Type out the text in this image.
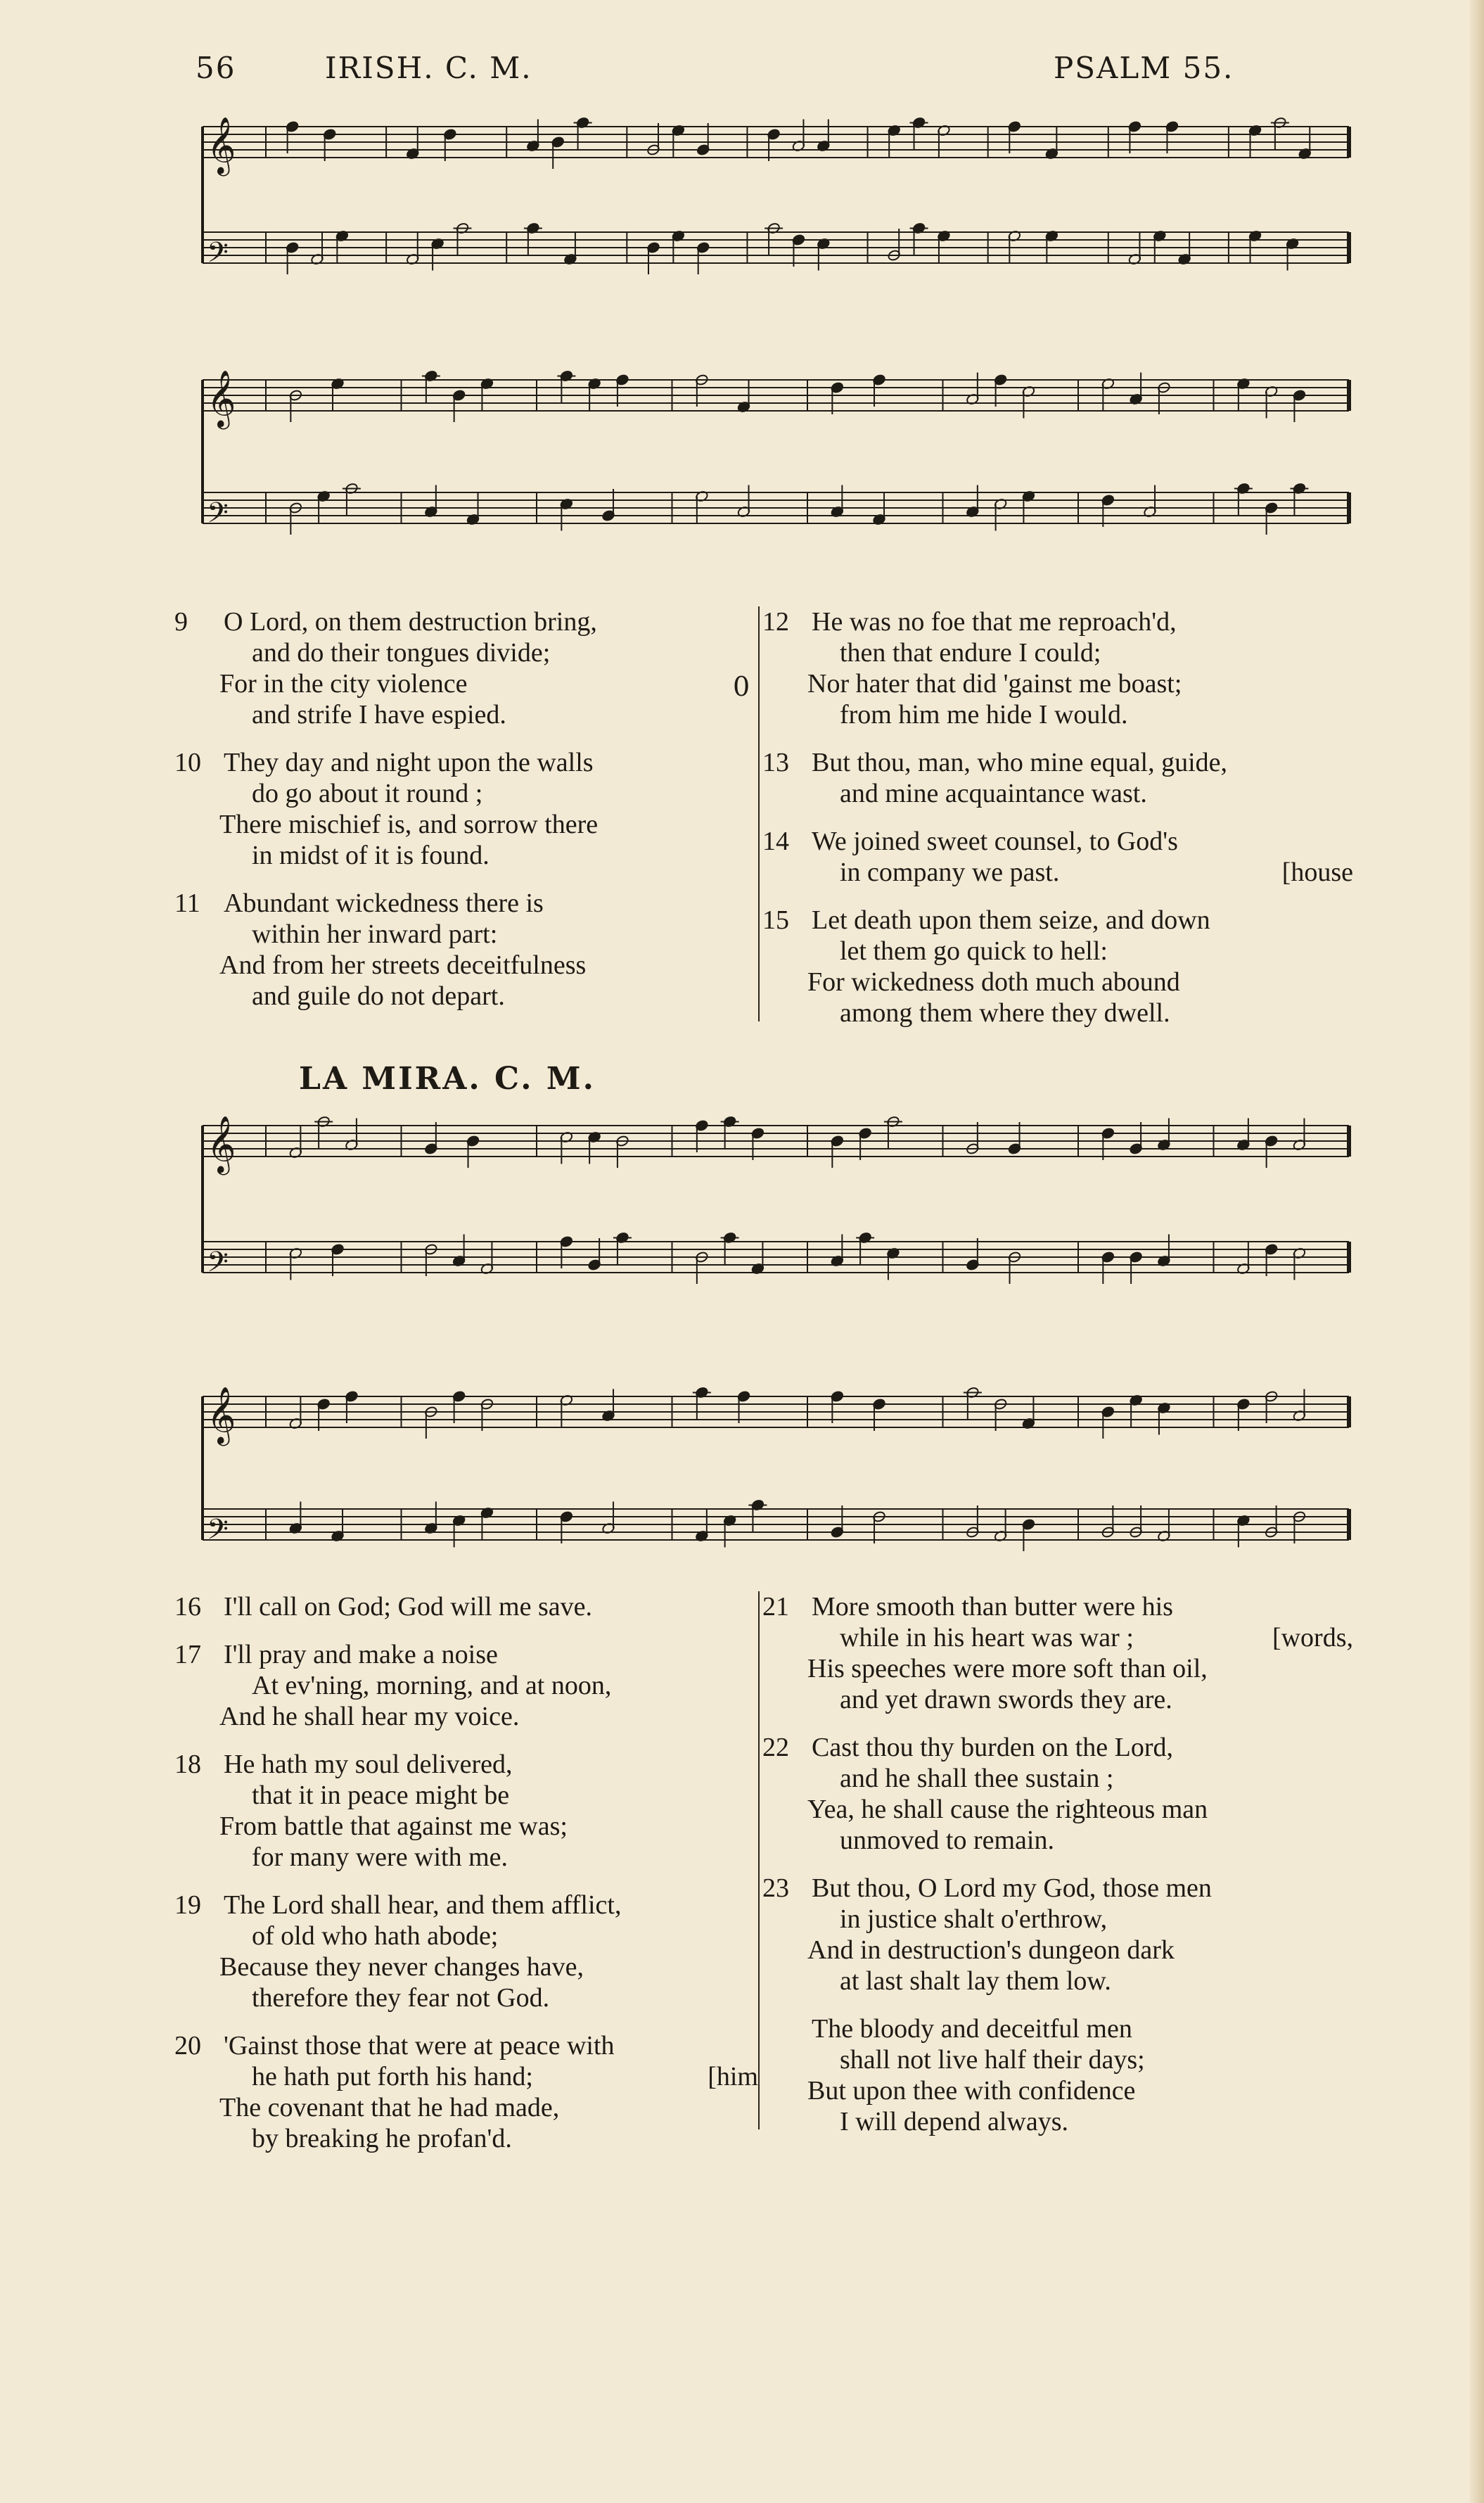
56	IRISH. C. M.	PSALM 55.
𝄞
𝄢
𝄞
𝄢
O Lord, on them destruction bring,
9
and do their tongues divide;
For in the city violence
and strife I have espied.
They day and night upon the walls
10
do go about it round ;
There mischief is, and sorrow there
in midst of it is found.
Abundant wickedness there is
11
within her inward part:
And from her streets deceitfulness
and guile do not depart.
0
He was no foe that me reproach'd,
12
then that endure I could;
Nor hater that did 'gainst me boast;
from him me hide I would.
But thou, man, who mine equal, guide,
13
and mine acquaintance wast.
We joined sweet counsel, to God's
14
[house
in company we past.
Let death upon them seize, and down
15
let them go quick to hell:
For wickedness doth much abound
among them where they dwell.
LA MIRA. C. M.
𝄞
𝄢
𝄞
𝄢
I'll call on God; God will me save.
16
I'll pray and make a noise
17
At ev'ning, morning, and at noon,
And he shall hear my voice.
He hath my soul delivered,
18
that it in peace might be
From battle that against me was;
for many were with me.
The Lord shall hear, and them afflict,
19
of old who hath abode;
Because they never changes have,
therefore they fear not God.
'Gainst those that were at peace with
20
[him
he hath put forth his hand;
The covenant that he had made,
by breaking he profan'd.
More smooth than butter were his
21
[words,
while in his heart was war ;
His speeches were more soft than oil,
and yet drawn swords they are.
Cast thou thy burden on the Lord,
22
and he shall thee sustain ;
Yea, he shall cause the righteous man
unmoved to remain.
But thou, O Lord my God, those men
23
in justice shalt o'erthrow,
And in destruction's dungeon dark
at last shalt lay them low.
The bloody and deceitful men
shall not live half their days;
But upon thee with confidence
I will depend always.
